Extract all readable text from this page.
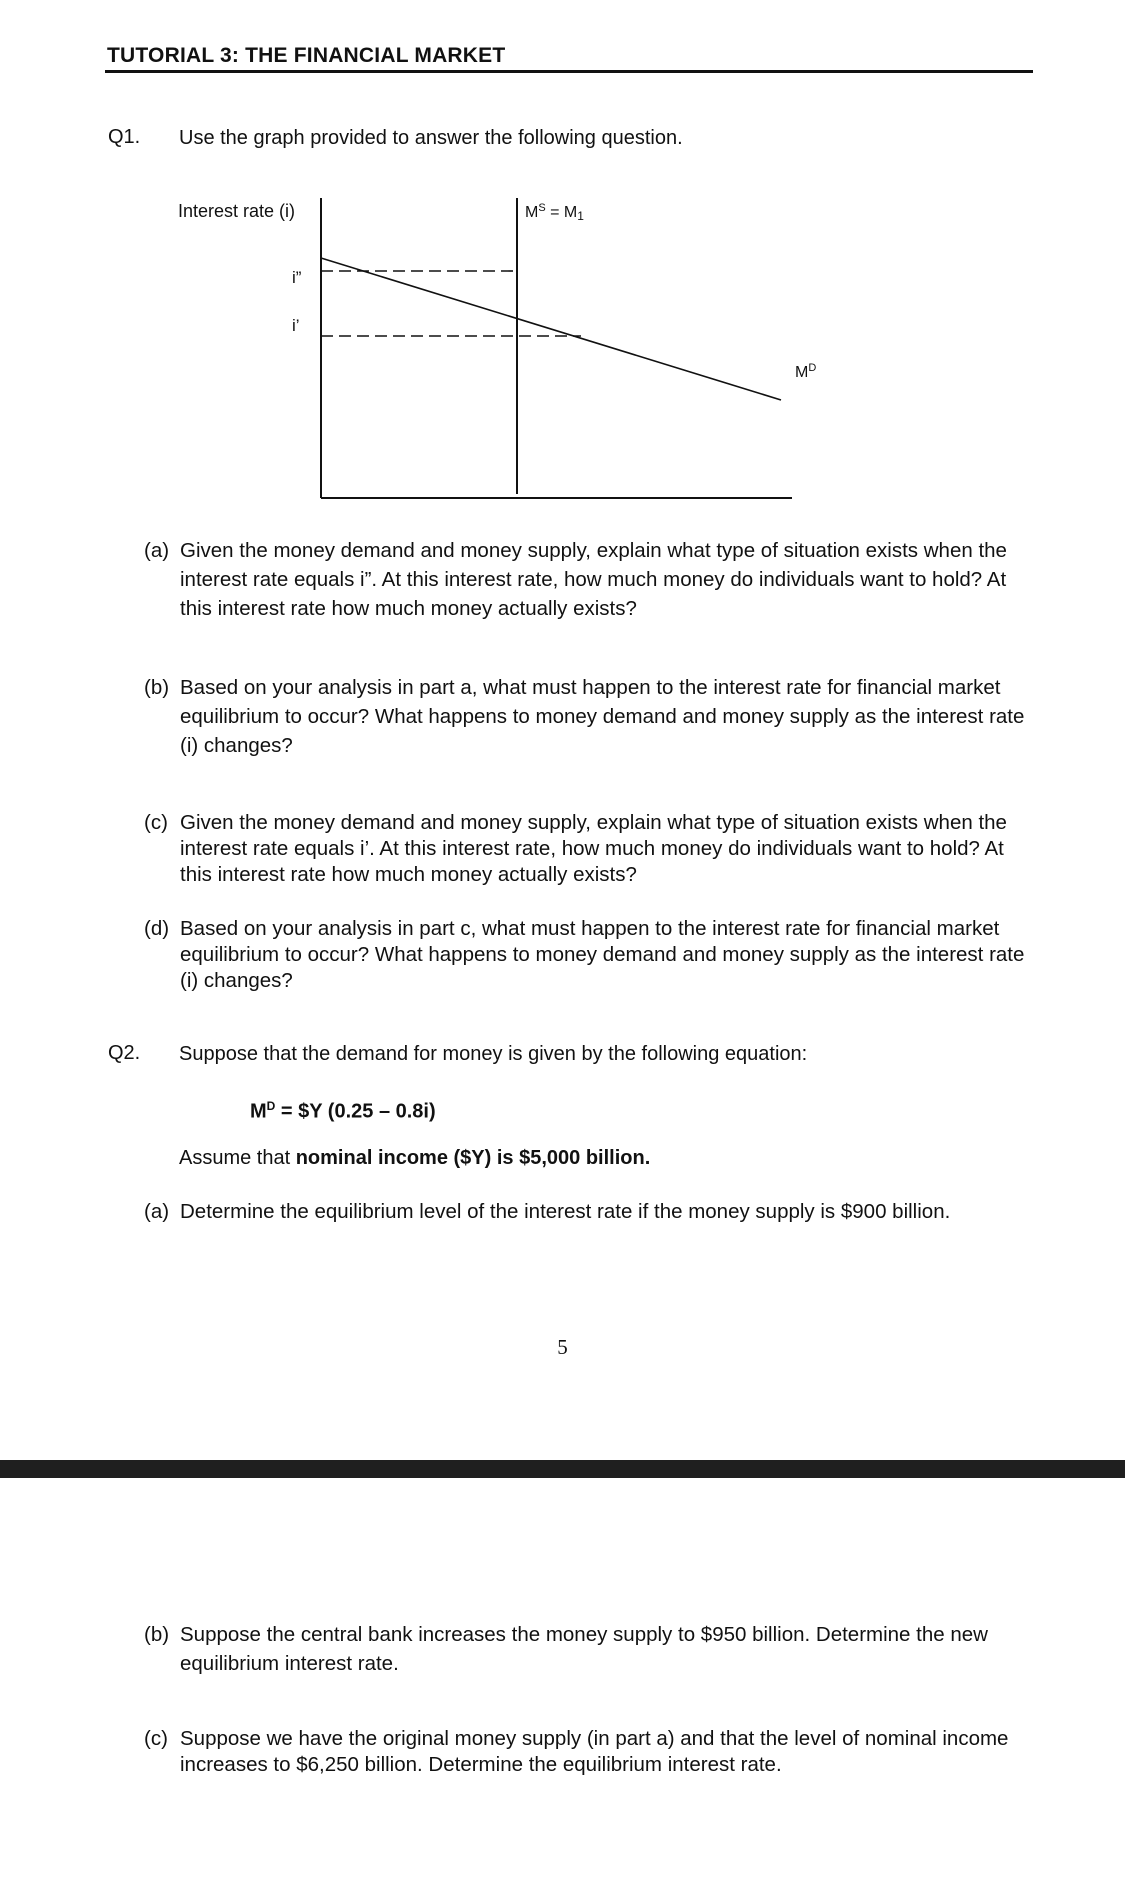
TUTORIAL 3: THE FINANCIAL MARKET
Q1. Use the graph provided to answer the following question.
Interest rate (i)
i”
i’
$M^S = M1$
$M^D$
(a) Given the money demand and money supply, explain what type of situation exists when the interest rate equals i”. At this interest rate, how much money do individuals want to hold? At this interest rate how much money actually exists?
(b) Based on your analysis in part a, what must happen to the interest rate for financial market equilibrium to occur? What happens to money demand and money supply as the interest rate (i) changes?
(c) Given the money demand and money supply, explain what type of situation exists when the interest rate equals i’. At this interest rate, how much money do individuals want to hold? At this interest rate how much money actually exists?
(d) Based on your analysis in part c, what must happen to the interest rate for financial market equilibrium to occur? What happens to money demand and money supply as the interest rate (i) changes?
Q2. Suppose that the demand for money is given by the following equation:
$M^D$ = $Y (0.25 – 0.8i)
Assume that nominal income ($Y) is $5,000 billion.
(a) Determine the equilibrium level of the interest rate if the money supply is $900 billion.
5
(b) Suppose the central bank increases the money supply to $950 billion. Determine the new equilibrium interest rate.
(c) Suppose we have the original money supply (in part a) and that the level of nominal income increases to $6,250 billion. Determine the equilibrium interest rate.
